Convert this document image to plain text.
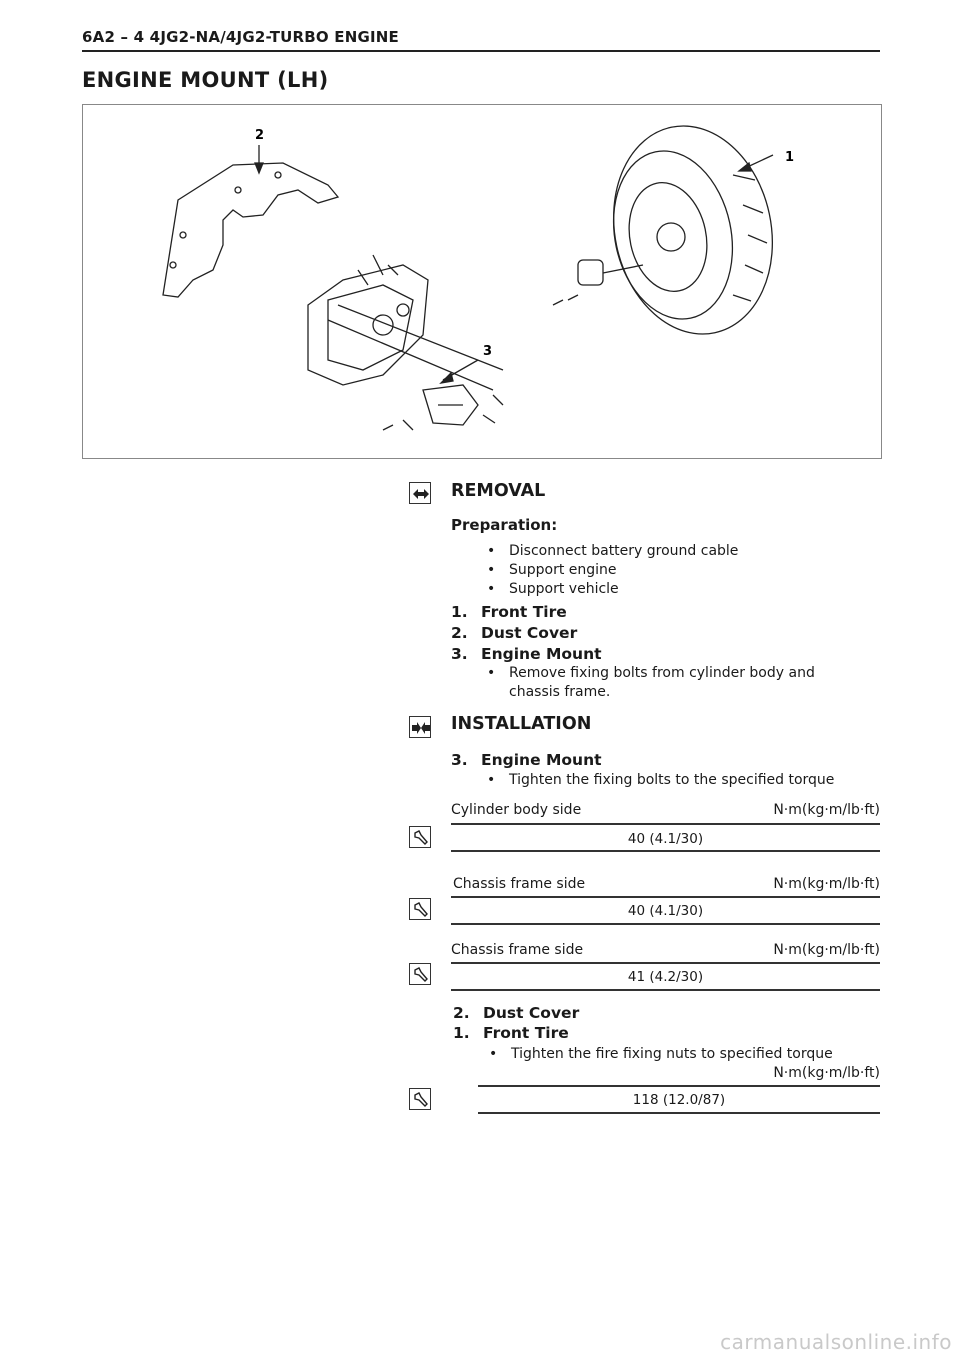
6A2 – 4 4JG2-NA/4JG2-TURBO ENGINE
ENGINE MOUNT (LH)
2
1
3
REMOVAL
Preparation:
• Disconnect battery ground cable
• Support engine
• Support vehicle
1. Front Tire
2. Dust Cover
3. Engine Mount
• Remove fixing bolts from cylinder body and
chassis frame.
INSTALLATION
3. Engine Mount
• Tighten the fixing bolts to the specified torque
Cylinder body side	N·m(kg·m/lb·ft)
40 (4.1/30)
Chassis frame side	N·m(kg·m/lb·ft)
40 (4.1/30)
Chassis frame side	N·m(kg·m/lb·ft)
41 (4.2/30)
2. Dust Cover
1. Front Tire
• Tighten the fire fixing nuts to specified torque
N·m(kg·m/lb·ft)
118 (12.0/87)
carmanualsonline.info
